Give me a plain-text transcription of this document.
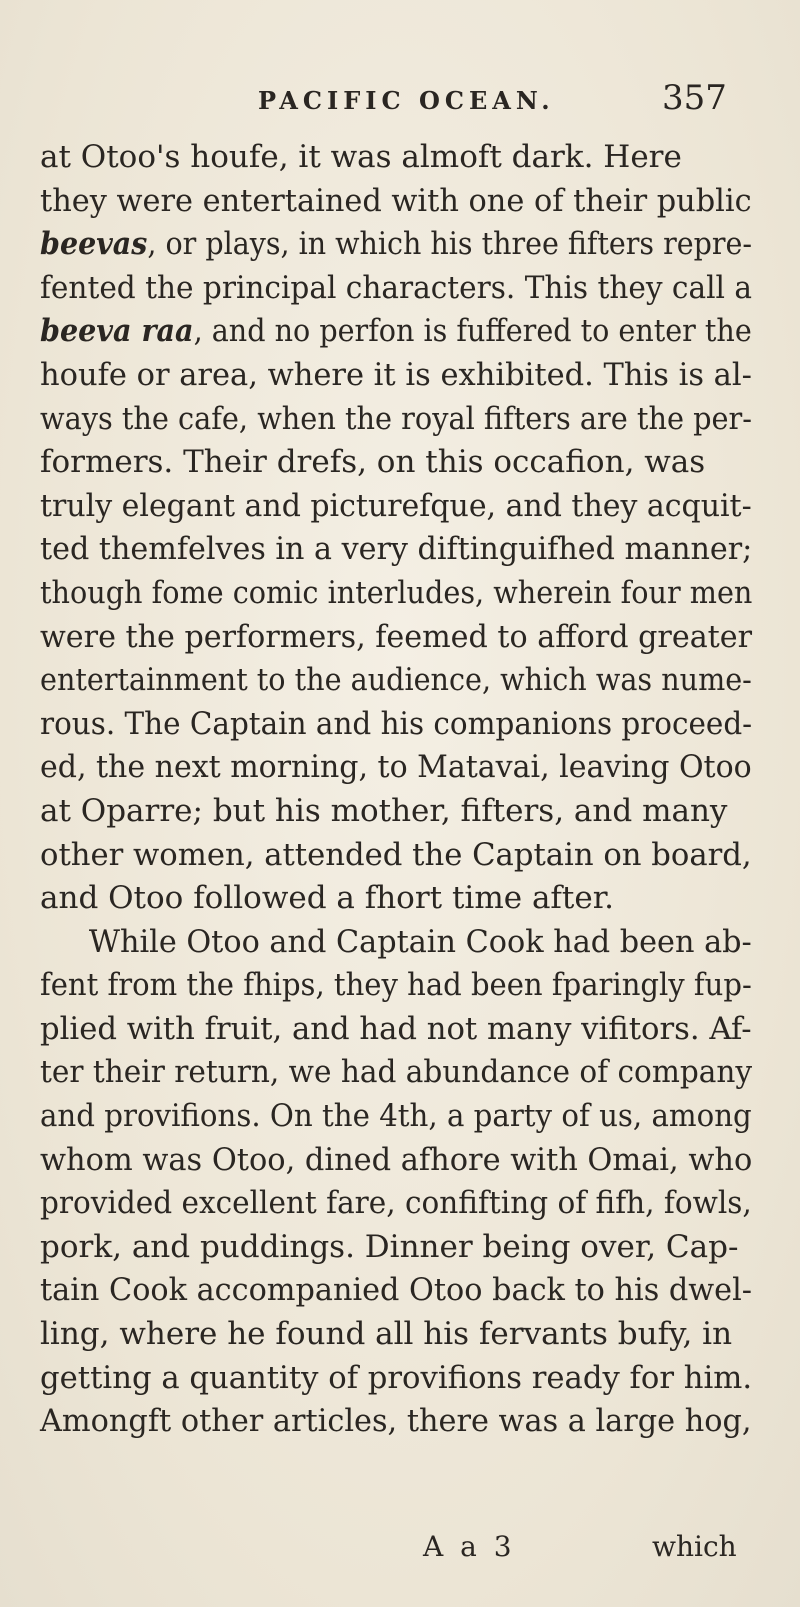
PACIFIC OCEAN.	357
at Otoo's houfe, it was almoft dark. Here
they were entertained with one of their public
beevas, or plays, in which his three fifters repre-
fented the principal characters. This they call a
beeva raa, and no perfon is fuffered to enter the
houfe or area, where it is exhibited. This is al-
ways the cafe, when the royal fifters are the per-
formers. Their drefs, on this occafion, was
truly elegant and picturefque, and they acquit-
ted themfelves in a very diftinguifhed manner;
though fome comic interludes, wherein four men
were the performers, feemed to afford greater
entertainment to the audience, which was nume-
rous. The Captain and his companions proceed-
ed, the next morning, to Matavai, leaving Otoo
at Oparre; but his mother, fifters, and many
other women, attended the Captain on board,
and Otoo followed a fhort time after.
While Otoo and Captain Cook had been ab-
fent from the fhips, they had been fparingly fup-
plied with fruit, and had not many vifitors. Af-
ter their return, we had abundance of company
and provifions. On the 4th, a party of us, among
whom was Otoo, dined afhore with Omai, who
provided excellent fare, confifting of fifh, fowls,
pork, and puddings. Dinner being over, Cap-
tain Cook accompanied Otoo back to his dwel-
ling, where he found all his fervants bufy, in
getting a quantity of provifions ready for him.
Amongft other articles, there was a large hog,
A a 3	which
